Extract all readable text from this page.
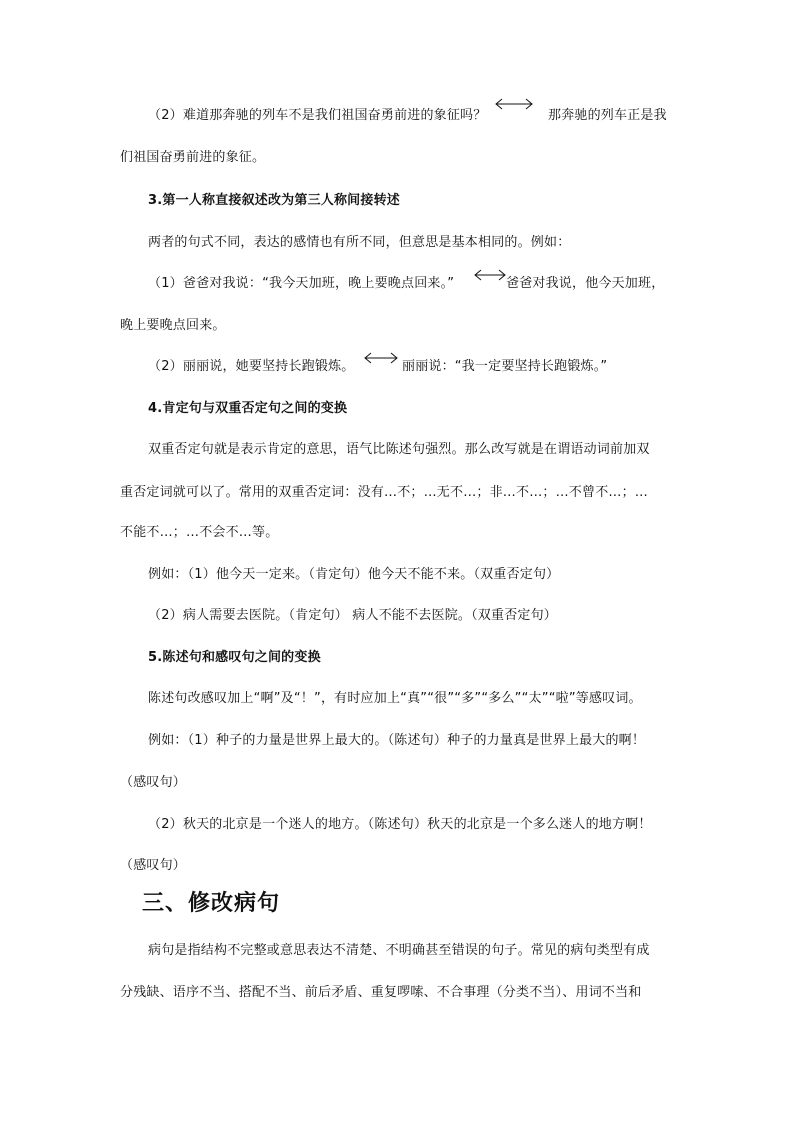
（2）难道那奔驰的列车不是我们祖国奋勇前进的象征吗？	那奔驰的列车正是我
们祖国奋勇前进的象征。
3.第一人称直接叙述改为第三人称间接转述
两者的句式不同，表达的感情也有所不同，但意思是基本相同的。例如：
（1）爸爸对我说：“我今天加班，晚上要晚点回来。”	爸爸对我说，他今天加班，
晚上要晚点回来。
（2）丽丽说，她要坚持长跑锻炼。	丽丽说：“我一定要坚持长跑锻炼。”
4.肯定句与双重否定句之间的变换
双重否定句就是表示肯定的意思，语气比陈述句强烈。那么改写就是在谓语动词前加双
重否定词就可以了。常用的双重否定词：没有…不；…无不…；非…不…；…不曾不…；…
不能不…；…不会不…等。
例如：（1）他今天一定来。（肯定句）他今天不能不来。（双重否定句）
（2）病人需要去医院。（肯定句） 病人不能不去医院。（双重否定句）
5.陈述句和感叹句之间的变换
陈述句改感叹加上“啊”及“！”，有时应加上“真”“很”“多”“多么”“太”“啦”等感叹词。
例如：（1）种子的力量是世界上最大的。（陈述句）种子的力量真是世界上最大的啊！
（感叹句）
（2）秋天的北京是一个迷人的地方。（陈述句）秋天的北京是一个多么迷人的地方啊！
（感叹句）
三、修改病句
病句是指结构不完整或意思表达不清楚、不明确甚至错误的句子。常见的病句类型有成
分残缺、语序不当、搭配不当、前后矛盾、重复啰嗦、不合事理（分类不当）、用词不当和
